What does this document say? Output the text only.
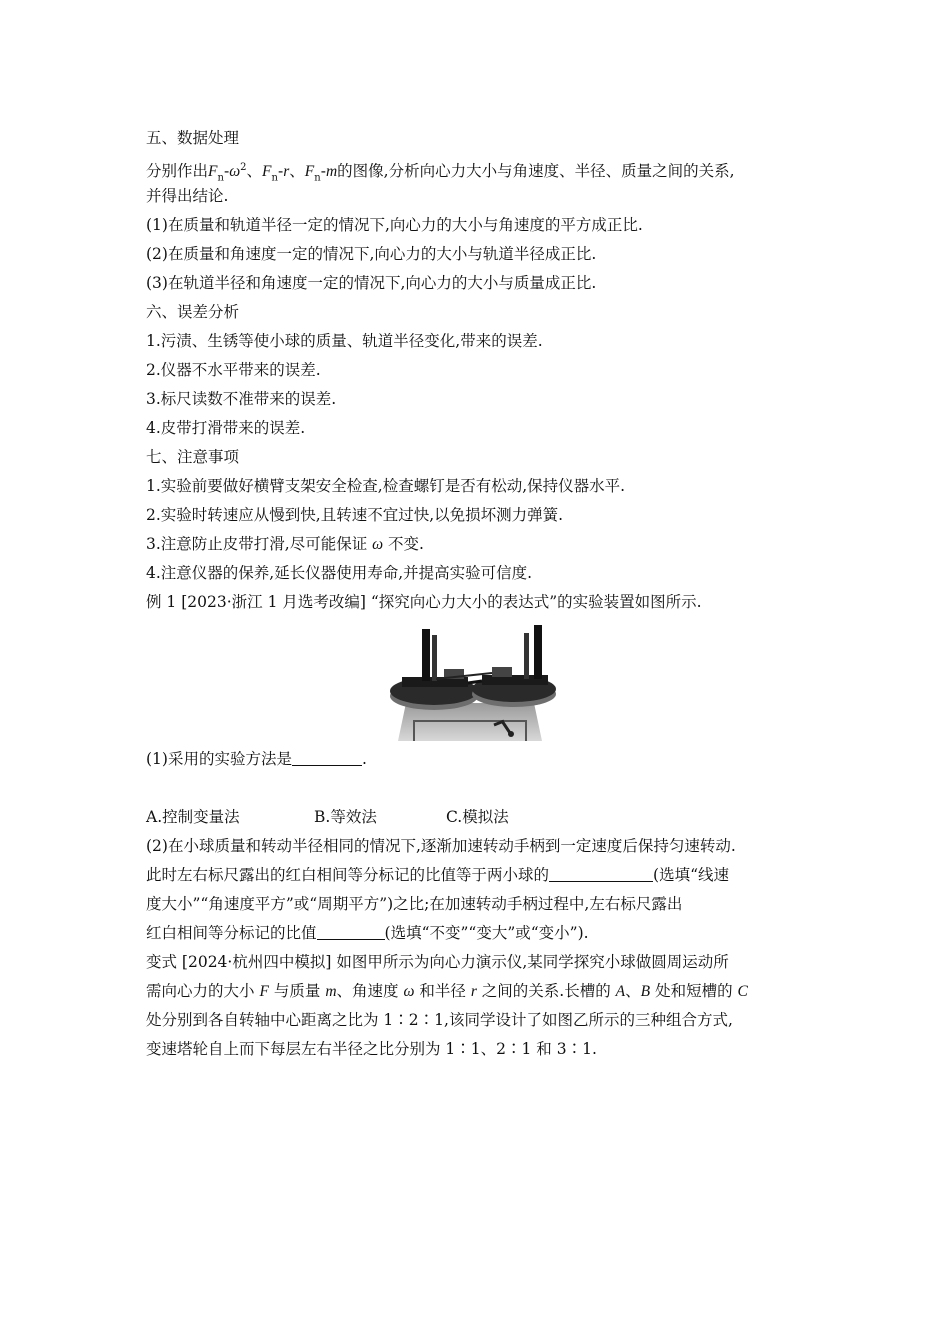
五、数据处理
分别作出$F_n-\omega^2$、$F_n-r$、$F_n-m$的图像,分析向心力大小与角速度、半径、质量之间的关系,
并得出结论.
(1)在质量和轨道半径一定的情况下,向心力的大小与角速度的平方成正比.
(2)在质量和角速度一定的情况下,向心力的大小与轨道半径成正比.
(3)在轨道半径和角速度一定的情况下,向心力的大小与质量成正比.
六、误差分析
1.污渍、生锈等使小球的质量、轨道半径变化,带来的误差.
2.仪器不水平带来的误差.
3.标尺读数不准带来的误差.
4.皮带打滑带来的误差.
七、注意事项
1.实验前要做好横臂支架安全检查,检查螺钉是否有松动,保持仪器水平.
2.实验时转速应从慢到快,且转速不宜过快,以免损坏测力弹簧.
3.注意防止皮带打滑,尽可能保证 ω 不变.
4.注意仪器的保养,延长仪器使用寿命,并提高实验可信度.
例 1 [2023·浙江 1 月选考改编] “探究向心力大小的表达式”的实验装置如图所示.
(1)采用的实验方法是	.
A.控制变量法	B.等效法	C.模拟法
(2)在小球质量和转动半径相同的情况下,逐渐加速转动手柄到一定速度后保持匀速转动.
此时左右标尺露出的红白相间等分标记的比值等于两小球的	(选填“线速
度大小”“角速度平方”或“周期平方”)之比;在加速转动手柄过程中,左右标尺露出
红白相间等分标记的比值	(选填“不变”“变大”或“变小”).
变式 [2024·杭州四中模拟] 如图甲所示为向心力演示仪,某同学探究小球做圆周运动所
需向心力的大小 F 与质量 m、角速度 ω 和半径 r 之间的关系.长槽的 A、B 处和短槽的 C
处分别到各自转轴中心距离之比为 1∶2∶1,该同学设计了如图乙所示的三种组合方式,
变速塔轮自上而下每层左右半径之比分别为 1∶1、2∶1 和 3∶1.
